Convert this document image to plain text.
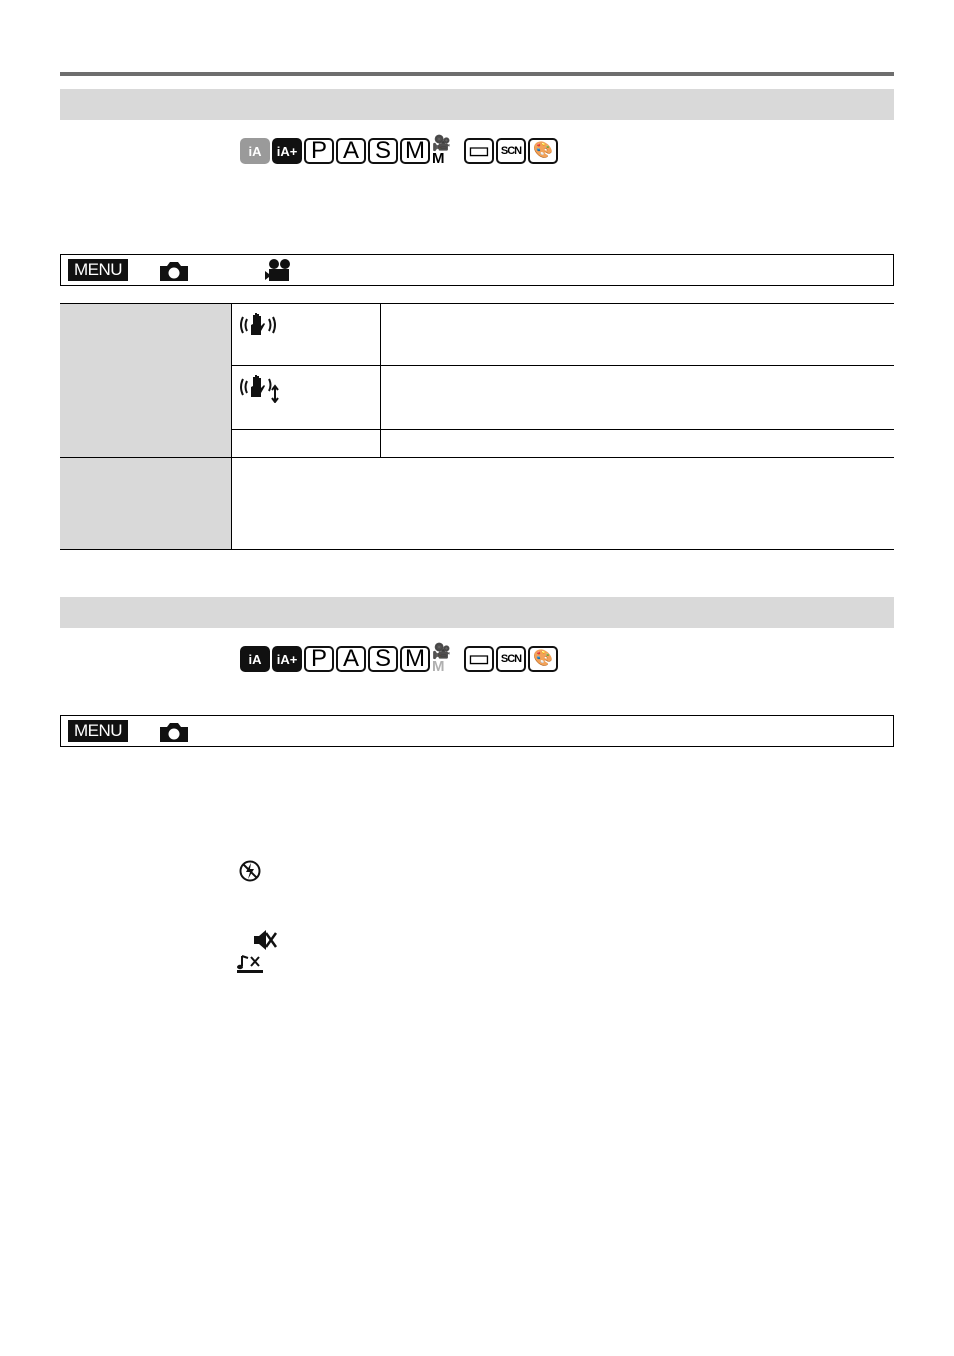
iA	iA+ P A S M 🎥M ▭ SCN 🎨
MENU
iA	iA+ P A S M 🎥M ▭ SCN 🎨
MENU
